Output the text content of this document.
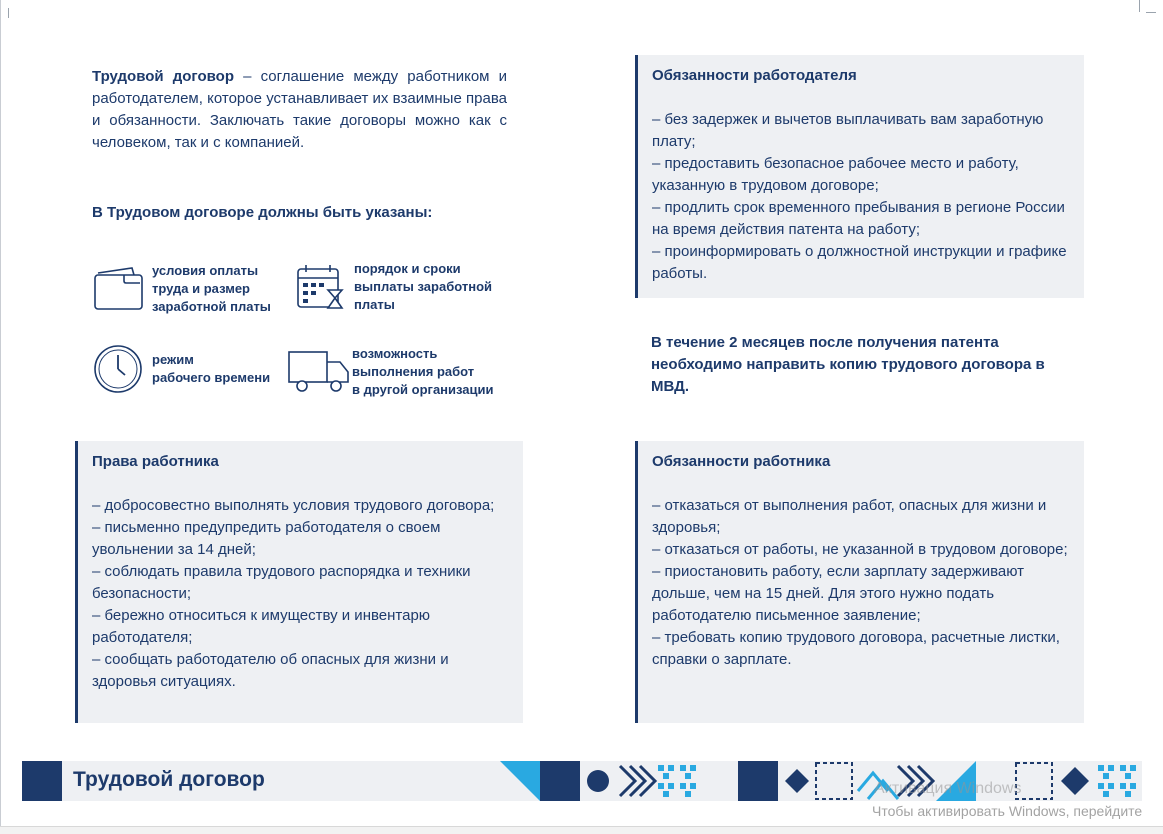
Трудовой договор – соглашение между работником и работодателем, которое устанавливает их взаимные права и обязанности. Заключать такие договоры можно как с человеком, так и с компанией.

В Трудовом договоре должны быть указаны:
условия оплаты
труда и размер
заработной платы
порядок и сроки
выплаты заработной
платы
режим
рабочего времени
возможность
выполнения работ
в другой организации
Обязанности работодателя
– без задержек и вычетов выплачивать вам заработную плату;
– предоставить безопасное рабочее место и работу, указанную в трудовом договоре;
– продлить срок временного пребывания в регионе России на время действия патента на работу;
– проинформировать о должностной инструкции и графике работы.
В течение 2 месяцев после получения патента необходимо направить копию трудового договора в МВД.
Права работника
– добросовестно выполнять условия трудового договора;
– письменно предупредить работодателя о своем увольнении за 14 дней;
– соблюдать правила трудового распорядка и техники безопасности;
– бережно относиться к имуществу и инвентарю работодателя;
– сообщать работодателю об опасных для жизни и здоровья ситуациях.
Обязанности работника
– отказаться от выполнения работ, опасных для жизни и здоровья;
– отказаться от работы, не указанной в трудовом договоре;
– приостановить работу, если зарплату задерживают дольше, чем на 15 дней. Для этого нужно подать работодателю письменное заявление;
– требовать копию трудового договора, расчетные листки, справки о зарплате.
Трудовой договор	Активация Windows
Чтобы активировать Windows, перейдите
